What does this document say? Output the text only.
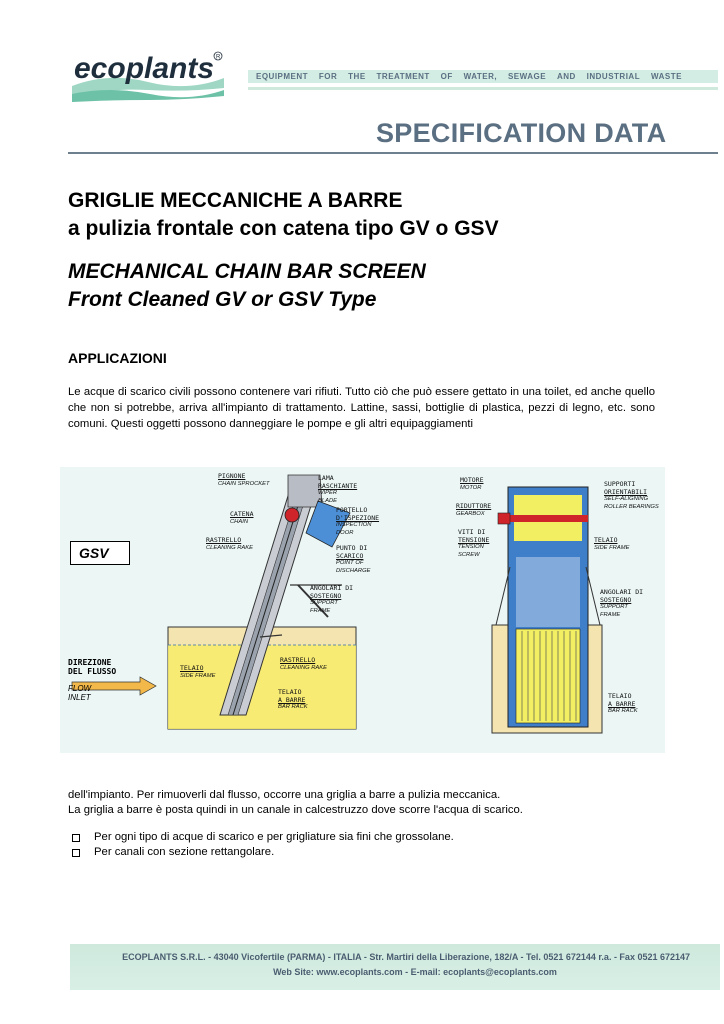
ecoplants R
EQUIPMENT FOR THE TREATMENT OF WATER, SEWAGE AND INDUSTRIAL WASTE
SPECIFICATION DATA
GRIGLIE MECCANICHE A BARRE
a pulizia frontale con catena tipo GV o GSV
MECHANICAL CHAIN BAR SCREEN
Front Cleaned GV or GSV Type
APPLICAZIONI
Le acque di scarico civili possono contenere vari rifiuti. Tutto ciò che può essere gettato in una toilet, ed anche quello che non si potrebbe, arriva all'impianto di trattamento. Lattine, sassi, bottiglie di plastica, pezzi di legno, etc. sono comuni. Questi oggetti possono danneggiare le pompe e gli altri equipaggiamenti
PIGNONE
CHAIN SPROCKET
CATENA
CHAIN
RASTRELLO
CLEANING RAKE
LAMA
RASCHIANTE
WIPER
BLADE
PORTELLO
D'ISPEZIONE
INSPECTION
DOOR
PUNTO DI
SCARICO
POINT OF
DISCHARGE
ANGOLARI DI
SOSTEGNO
SUPPORT
FRAME
TELAIO
SIDE FRAME
RASTRELLO
CLEANING RAKE
TELAIO
A BARRE
BAR RACK
MOTORE
MOTOR
RIDUTTORE
GEARBOX
VITI DI
TENSIONE
TENSION
SCREW
SUPPORTI
ORIENTABILI
SELF-ALIGNING
ROLLER BEARINGS
TELAIO
SIDE FRAME
ANGOLARI DI
SOSTEGNO
SUPPORT
FRAME
TELAIO
A BARRE
BAR RACK
GSV
DIREZIONE
DEL FLUSSO
FLOW
INLET
dell'impianto. Per rimuoverli dal flusso, occorre una griglia a barre a pulizia meccanica.
La griglia a barre è posta quindi in un canale in calcestruzzo dove scorre l'acqua di scarico.
Per ogni tipo di acque di scarico e per grigliature sia fini che grossolane.
Per canali con sezione rettangolare.
ECOPLANTS S.R.L. - 43040 Vicofertile (PARMA) - ITALIA - Str. Martiri della Liberazione, 182/A - Tel. 0521 672144 r.a. - Fax 0521 672147
Web Site: www.ecoplants.com - E-mail: ecoplants@ecoplants.com
